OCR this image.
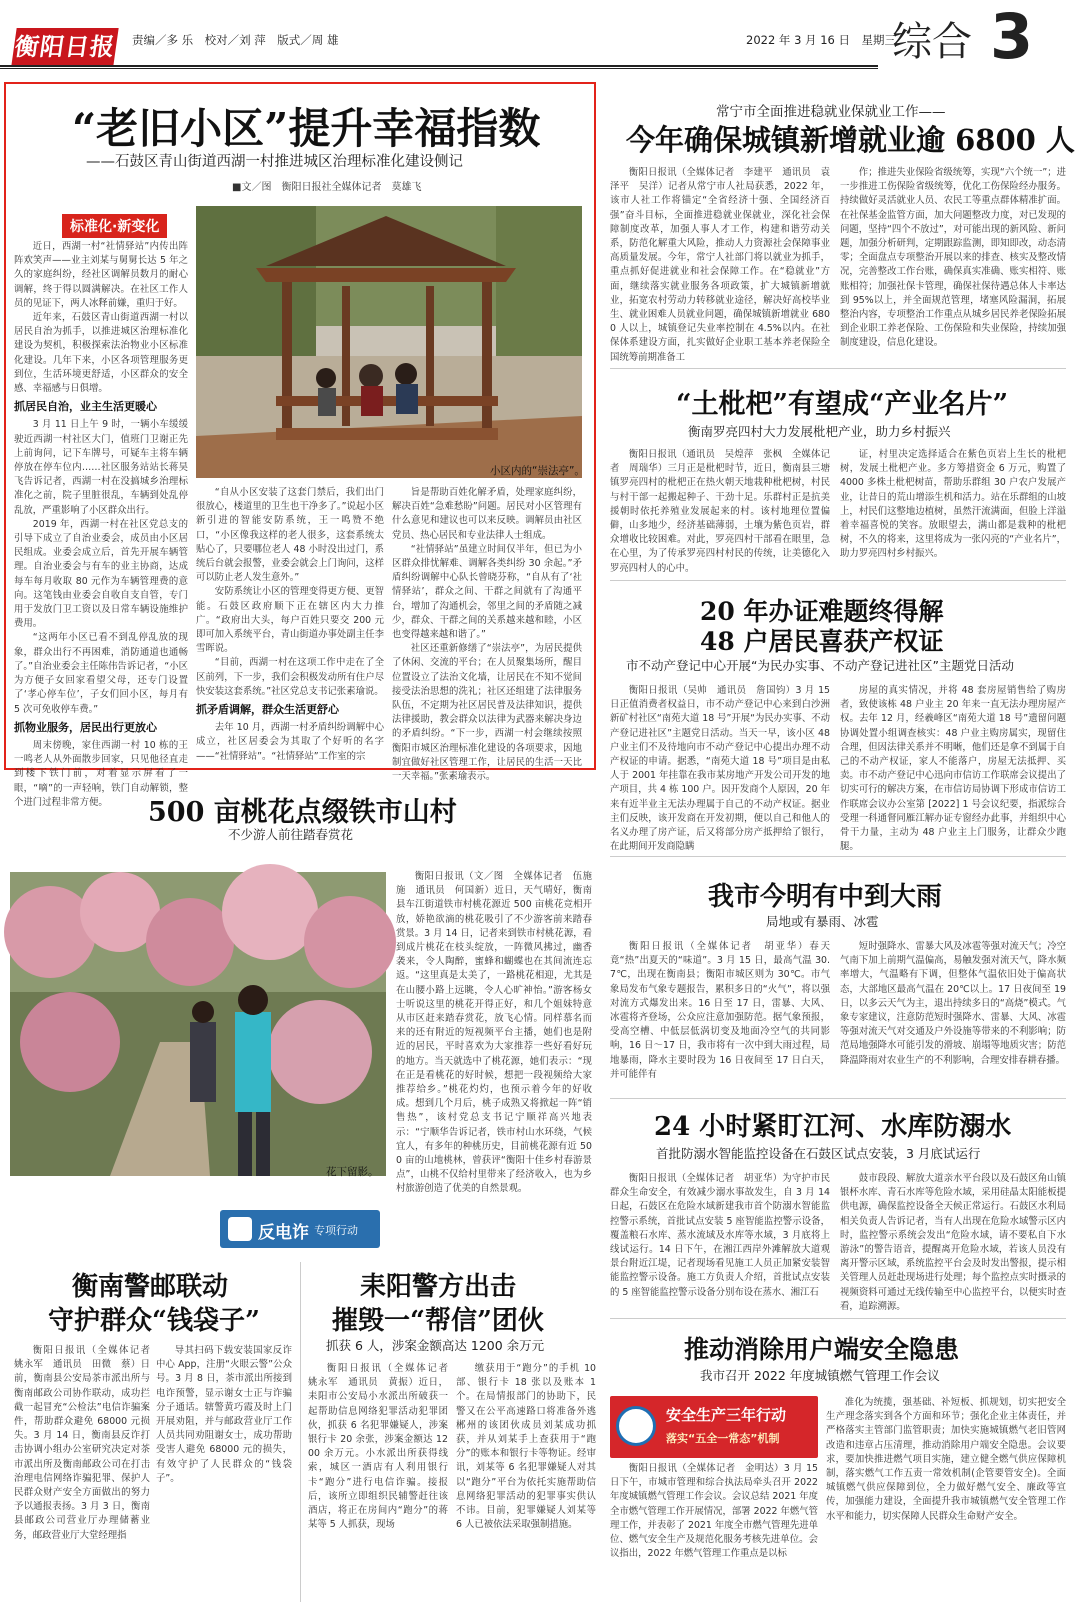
衡阳日报 责编／多 乐　校对／刘 萍　版式／周 雄	2022 年 3 月 16 日　星期三
综合 3
“老旧小区”提升幸福指数
——石鼓区青山街道西湖一村推进城区治理标准化建设侧记
■文／图　衡阳日报社全媒体记者　莫雄飞
标准化·新变化
小区内的“崇法亭”。

近日，西湖一村“社情驿站”内传出阵阵欢笑声——业主刘某与舅舅长达 5 年之久的家庭纠纷，经社区调解员数月的耐心调解，终于得以圆满解决。在社区工作人员的见证下，两人冰释前嫌，重归于好。

近年来，石鼓区青山街道西湖一村以居民自治为抓手，以推进城区治理标准化建设为契机，积极探索法治物业小区标准化建设。几年下来，小区各项管理服务更到位，生活环境更舒适，小区群众的安全感、幸福感与日俱增。

抓居民自治，业主生活更暖心

3 月 11 日上午 9 时，一辆小车缓缓驶近西湖一村社区大门，值班门卫谢正先上前询问，记下车牌号，可疑车主将车辆停放在停车位内……社区服务站站长蒋昊飞告诉记者，西湖一村在没搞城乡治理标准化之前，院子里脏很乱，车辆到处乱停乱放，严重影响了小区群众出行。

2019 年，西湖一村在社区党总支的引导下成立了自治业委会，成员由小区居民组成。业委会成立后，首先开展车辆管理。自治业委会与有车的业主协商，达成每车每月收取 80 元作为车辆管理费的意向。这笔钱由业委会自收自支自管，专门用于发放门卫工资以及日常车辆设施维护费用。

“这两年小区已看不到乱停乱放的现象，群众出行不再困难，消防通道也通畅了。”自治业委会主任陈伟告诉记者，“小区为方便子女回家看望父母，还专门设置了‘孝心停车位’，子女们回小区，每月有 5 次可免收停车费。”

抓物业服务，居民出行更放心

周末傍晚，家住西湖一村 10 栋的王一鸣老人从外面散步回家，只见他径直走到楼下铁门前，对着显示屏看了一眼，“嘀”的一声轻响，铁门自动解锁，整个进门过程非常方便。

“自从小区安装了这套门禁后，我们出门很放心，楼道里的卫生也干净多了。”说起小区新引进的智能安防系统，王一鸣赞不绝口，“小区像我这样的老人很多，这套系统太贴心了，只要哪位老人 48 小时没出过门，系统后台就会报警，业委会就会上门询问，这样可以防止老人发生意外。”

安防系统让小区的管理变得更方便、更智能。石鼓区政府顺下正在辖区内大力推广。“政府出大头，每户百姓只要交 200 元即可加入系统平台，青山街道办事处副主任李雪晖说。

“目前，西湖一村在这项工作中走在了全区前列，下一步，我们会积极发动所有住户尽快安装这套系统。”社区党总支书记张素瑜说。

抓矛盾调解，群众生活更舒心

去年 10 月，西湖一村矛盾纠纷调解中心成立，社区居委会为其取了个好听的名字——“社情驿站”。“社情驿站”工作室的宗

旨是帮助百姓化解矛盾，处理家庭纠纷，解决百姓“急难愁盼”问题。居民对小区管理有什么意见和建议也可以来反映。调解员由社区党员、热心居民和专业法律人士组成。

“社情驿站”虽建立时间仅半年，但已为小区群众排忧解难、调解各类纠纷 30 余起。”矛盾纠纷调解中心队长曾晓芬称，“自从有了‘社情驿站’，群众之间、干群之间就有了沟通平台，增加了沟通机会，邻里之间的矛盾随之减少，群众、干群之间的关系越来越和睦，小区也变得越来越和谐了。”

社区还重新修缮了“崇法亭”，为居民提供了休闲、交流的平台；在人员聚集场所，醒目位置设立了法治文化墙，让居民在不知不觉间接受法治思想的洗礼；社区还组建了法律服务队伍，不定期为社区居民普及法律知识，提供法律援助，教会群众以法律为武器来解决身边的矛盾纠纷。“下一步，西湖一村会继续按照衡阳市城区治理标准化建设的各项要求，因地制宜做好社区管理工作，让居民的生活一天比一天幸福。”张素瑜表示。

常宁市全面推进稳就业保就业工作——
今年确保城镇新增就业逾 6800 人

衡阳日报讯（全媒体记者　李建平　通讯员　袁泽平　吴洋）记者从常宁市人社局获悉，2022 年，该市人社工作将锚定“全省经济十强、全国经济百强”奋斗目标，全面推进稳就业保就业，深化社会保障制度改革，加强人事人才工作，构建和谐劳动关系，防范化解重大风险，推动人力资源社会保障事业高质量发展。今年，常宁人社部门将以就业为抓手，重点抓好促进就业和社会保障工作。在“稳就业”方面，继续落实就业服务各项政策，扩大城镇新增就业，拓宽农村劳动力转移就业途径，解决好高校毕业生、就业困难人员就业问题，确保城镇新增就业 6800 人以上，城镇登记失业率控制在 4.5%以内。在社保体系建设方面，扎实做好企业职工基本养老保险全国统筹前期准备工

作；推进失业保险省级统筹，实现“六个统一”；进一步推进工伤保险省级统筹，优化工伤保险经办服务。持续做好灵活就业人员、农民工等重点群体精准扩面。在社保基金监管方面，加大问题整改力度，对已发现的问题，坚持“四个不放过”，对可能出现的新风险、新问题，加强分析研判，定期跟踪监测，即知即改，动态清零；全面盘点专项整治开展以来的排查、核实及整改情况，完善整改工作台账，确保真实准确、账实相符、账账相符；加强社保卡管理，确保社保待遇总体人卡率达到 95%以上，并全面规范管理，堵塞风险漏洞，拓展整治内容，专项整治工作重点从城乡居民养老保险拓展到企业职工养老保险、工伤保险和失业保险，持续加强制度建设，信息化建设。

“土枇杷”有望成“产业名片”
衡南罗亮四村大力发展枇杷产业，助力乡村振兴

衡阳日报讯（通讯员　吴煌萍　张枫　全媒体记者　周瑞华）三月正是枇杷时节，近日，衡南县三塘镇罗亮四村的枇杷正在热火朝天地栽种枇杷树，村民与村干部一起搬起种子、干劲十足。乐群村正是抗美援朝时依托养殖业发展起来的村。该村地理位置偏僻，山多地少，经济基础薄弱，土壤为紫色页岩，群众增收比较困难。对此，罗亮四村干部看在眼里，急在心里，为了传承罗亮四村村民的传统，让美德化入罗亮四村人的心中。

证，村里决定选择适合在紫色页岩上生长的枇杷树，发展土枇杷产业。多方筹措资金 6 万元，购置了 4000 多株土枇杷树苗，帮助乐群组 30 户农户发展产业，让昔日的荒山增添生机和活力。站在乐群组的山坡上，村民们这整地边植树，虽然汗流满面，但脸上洋溢着幸福喜悦的笑容。放眼望去，满山都是栽种的枇杷树，不久的将来，这里将成为一张闪亮的“产业名片”，助力罗亮四村乡村振兴。

20 年办证难题终得解
48 户居民喜获产权证
市不动产登记中心开展“为民办实事、不动产登记进社区”主题党日活动

衡阳日报讯（吴帅　通讯员　詹国钧）3 月 15 日正值消费者权益日，市不动产登记中心来到白沙洲新矿村社区“南苑大道 18 号”开展“为民办实事、不动产登记进社区”主题党日活动。当天一早，该小区 48 户业主们不及待地向市不动产登记中心提出办理不动产权证的申请。据悉，“南苑大道 18 号”项目是由私人于 2001 年挂靠在我市某房地产开发公司开发的地产项目，共 4 栋 100 户。因开发商个人原因，20 年来有近半业主无法办理属于自己的不动产权证。据业主们反映，该开发商在开发初期，便以自己和他人的名义办理了房产证，后又将部分房产抵押给了银行，在此期间开发商隐瞒

房屋的真实情况，并将 48 套房屋销售给了购房者，致使该栋 48 户业主 20 年来一直无法办理房屋产权。去年 12 月，经羲峰区“南苑大道 18 号”遗留问题协调处置小组调查核实：48 户业主购房属实，现留住合理，但因法律关系并不明晰，他们还是拿不到属于自己的不动产权证，家人不能落户，房屋无法抵押、买卖。市不动产登记中心迅向市信访工作联席会议提出了切实可行的解决方案，在市信访局协调下形成市信访工作联席会议办公室第 [2022] 1 号会议纪要，指派综合受理一科通督同雁江解办证专窗经办此事，并组织中心骨干力量，主动为 48 户业主上门服务，让群众少跑腿。

500 亩桃花点缀铁市山村
不少游人前往踏春赏花
花下留影。

衡阳日报讯（文／图　全媒体记者　伍施施　通讯员　何国新）近日，天气晴好，衡南县车江街道铁市村桃花源近 500 亩桃花竞相开放，娇艳欲滴的桃花吸引了不少游客前来踏春赏景。3 月 14 日，记者来到铁市村桃花源，看到成片桃花在枝头绽放，一阵微风拂过，幽香袭来，令人陶醉，蜜蜂和蝴蝶也在其间流连忘返。“这里真是太美了，一路桃花相迎，尤其是在山腰小路上远眺，令人心旷神怡。”游客杨女士听说这里的桃花开得正好，和几个姐妹特意从市区赶来踏春赏花，放飞心情。同样慕名而来的还有附近的短视频平台主播，她们也是附近的居民，平时喜欢为大家推荐一些好看好玩的地方。当天就选中了桃花源，她们表示：“现在正是看桃花的好时候，想把一段视频给大家推荐给乡。”桃花灼灼，也预示着今年的好收成。想到几个月后，桃子成熟又将掀起一阵“销售热”，该村党总支书记宁顺祥高兴地表示：“宁顺华告诉记者，铁市村山水环绕，气候宜人，有多年的种桃历史，目前桃花源有近 500 亩的山地桃林，曾获评“衡阳十佳乡村春游景点”，山桃不仅给村里带来了经济收入，也为乡村旅游创造了优美的自然景观。

我市今明有中到大雨
局地或有暴雨、冰雹

衡阳日报讯（全媒体记者　胡亚华）春天竟“热”出夏天的“味道”。3 月 15 日，最高气温 30.7℃，出现在衡南县；衡阳市城区则为 30℃。市气象局发布气象专题报告，累积多日的“火气”，将以强对流方式爆发出来。16 日至 17 日，雷暴、大风、冰雹将齐登场，公众应注意加强防范。据气象预报，受高空槽、中低层低涡切变及地面冷空气的共同影响，16 日～17 日，我市将有一次中到大雨过程，局地暴雨，降水主要时段为 16 日夜间至 17 日白天，并可能伴有

短时强降水、雷暴大风及冰雹等强对流天气；冷空气南下加上前期气温偏高，易触发强对流天气，降水频率增大，气温略有下调，但整体气温依旧处于偏高状态，大部地区最高气温在 20℃以上。17 日夜间至 19 日，以多云天气为主，退出持续多日的“高烧”模式。气象专家建议，注意防范短时强降水、雷暴、大风、冰雹等强对流天气对交通及户外设施等带来的不利影响；防范局地强降水可能引发的滑坡、崩塌等地质灾害；防范降温降雨对农业生产的不利影响，合理安排春耕春播。

24 小时紧盯江河、水库防溺水
首批防溺水智能监控设备在石鼓区试点安装，3 月底试运行

衡阳日报讯（全媒体记者　胡亚华）为守护市民群众生命安全，有效减少溺水事故发生，自 3 月 14 日起，石鼓区在危险水域新建我市首个防溺水智能监控警示系统，首批试点安装 5 座智能监控警示设备，覆盖粮石水库、蒸水流域及水库等水域，3 月底将上线试运行。14 日下午，在湘江西岸外滩解放大道观景台附近江堤，记者现场看见施工人员正加紧安装智能监控警示设备。施工方负责人介绍，首批试点安装的 5 座智能监控警示设备分别布设在蒸水、湘江石

鼓市段段、解放大道亲水平台段以及石鼓区角山镇银杯水库、青石水库等危险水域，采用硅晶太阳能板提供电源，确保监控设备全天候正常运行。石鼓区水利局相关负责人告诉记者，当有人出现在危险水域警示区内时，监控警示系统会发出“危险水域，请不要私自下水游泳”的警告语音，提醒离开危险水域，若该人员没有离开警示区域，系统监控平台会及时发出警报，提示相关管理人员赶赴现场进行处理；每个监控点实时摄录的视频资料可通过无线传输至中心监控平台，以便实时查看，追踪溯源。

推动消除用户端安全隐患
我市召开 2022 年度城镇燃气管理工作会议
安全生产三年行动
落实“五全一常态”机制

衡阳日报讯（全媒体记者　金明达）3 月 15 日下午，市城市管理和综合执法局牵头召开 2022 年度城镇燃气管理工作会议。会议总结 2021 年度全市燃气管理工作开展情况，部署 2022 年燃气管理工作，并表彰了 2021 年度全市燃气管理先进单位、燃气安全生产及规范化服务考核先进单位。会议指出，2022 年燃气管理工作重点是以标

准化为统揽，强基础、补短板、抓规划，切实把安全生产理念落实到各个方面和环节；强化企业主体责任，并严格落实主管部门监管职责；加快实施城镇燃气老旧管网改造和违章占压清理，推动消除用户端安全隐患。会议要求，要加快推进燃气项目实施，建立健全燃气供应保障机制，落实燃气工作五责一常效机制(企管要管安全)。全面城镇燃气供应保障到位，全力做好燃气安全、廉政等宣传，加强能力建设，全面提升我市城镇燃气安全管理工作水平和能力，切实保障人民群众生命财产安全。

反电诈 专项行动
衡南警邮联动
守护群众“钱袋子”

衡阳日报讯（全媒体记者　姚永军　通讯员　田微　蔡）日前，衡南县公安局茶市派出所与衡南邮政公司协作联动，成功拦截一起冒充“公检法”电信诈骗案件，帮助群众避免 68000 元损失。3 月 14 日，衡南县反诈打击协调小组办公室研究决定对茶市派出所及衡南邮政公司在打击治理电信网络诈骗犯罪、保护人民群众财产安全方面做出的努力予以通报表扬。3 月 3 日，衡南县邮政公司营业厅办理储蓄业务，邮政营业厅大堂经理指

导其扫码下载安装国家反诈中心 App，注册“火眼云警”公众号。3 月 8 日，茶市派出所接到电诈预警，显示谢女士正与诈骗分子通话。辖警黄巧霞及时上门开展劝阻，并与邮政营业厅工作人员共同劝阻谢女士，成功帮助受害人避免 68000 元的损失，有效守护了人民群众的“钱袋子”。

耒阳警方出击
摧毁一“帮信”团伙
抓获 6 人，涉案金额高达 1200 余万元

衡阳日报讯（全媒体记者　姚永军　通讯员　黄振）近日，耒阳市公安局小水派出所破获一起帮助信息网络犯罪活动犯罪团伙，抓获 6 名犯罪嫌疑人，涉案银行卡 20 余张，涉案金额达 1200 余万元。小水派出所获得线索，城区一酒店有人利用银行卡“跑分”进行电信诈骗。接报后，该所立即组织民辅警赶往该酒店，将正在房间内“跑分”的蒋某等 5 人抓获，现场

缴获用于“跑分”的手机 10 部、银行卡 18 张以及账本 1 个。在局情报部门的协助下，民警又在公平高速路口将准备外逃郴州的该团伙成员刘某成功抓获，并从刘某手上查获用于“跑分”的账本和银行卡等物证。经审讯，刘某等 6 名犯罪嫌疑人对其以“跑分”平台为依托实施帮助信息网络犯罪活动的犯罪事实供认不讳。目前，犯罪嫌疑人刘某等 6 人已被依法采取强制措施。
